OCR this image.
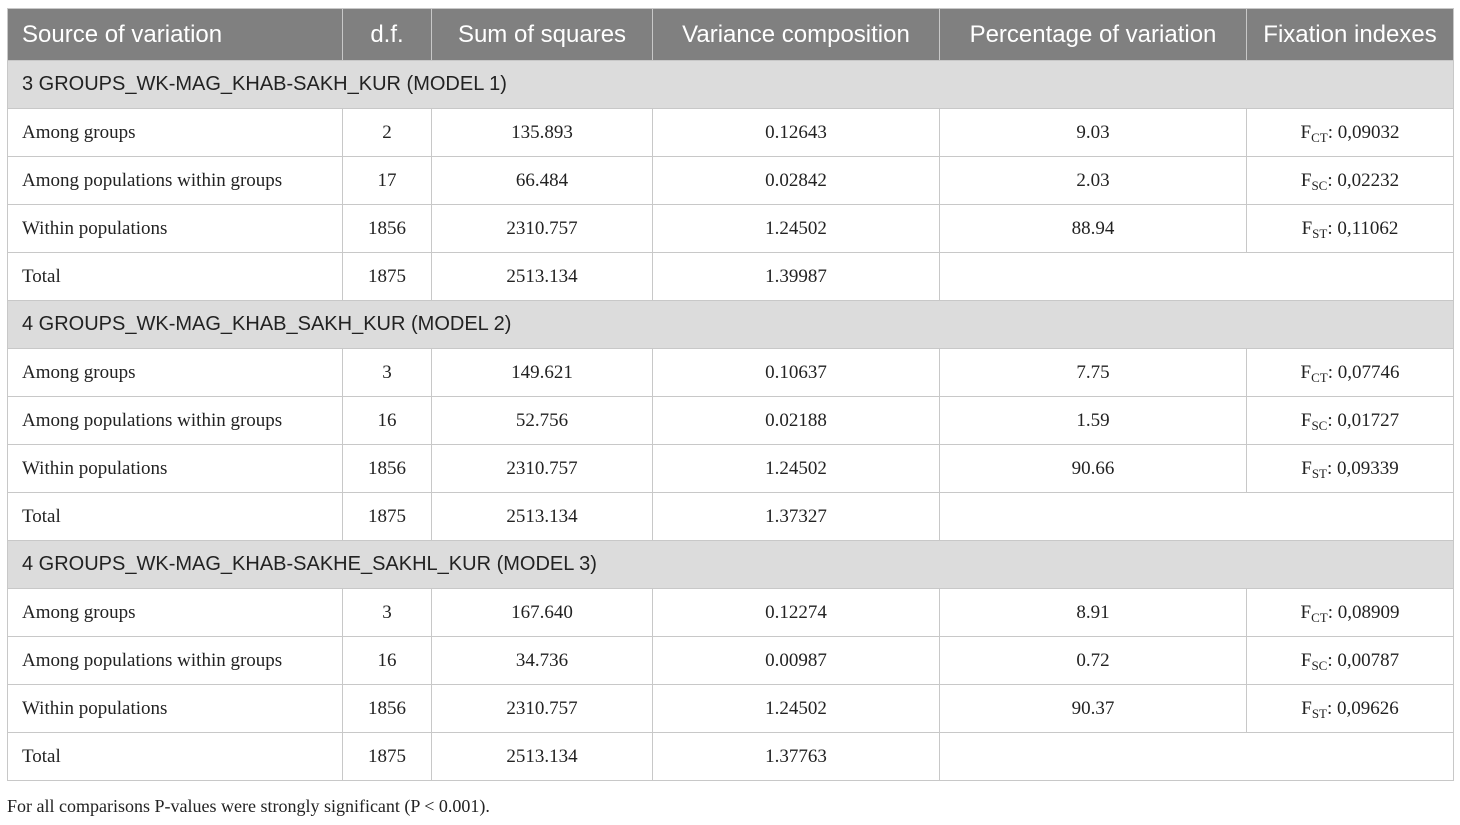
Source of variation	d.f.	Sum of squares	Variance composition	Percentage of variation	Fixation indexes
3 GROUPS_WK-MAG_KHAB-SAKH_KUR (MODEL 1)					
Among groups	2	135.893	0.12643	9.03	$F_{CT}$: 0,09032
Among populations within groups	17	66.484	0.02842	2.03	$F_{SC}$: 0,02232
Within populations	1856	2310.757	1.24502	88.94	$F_{ST}$: 0,11062
Total	1875	2513.134	1.39987		
4 GROUPS_WK-MAG_KHAB_SAKH_KUR (MODEL 2)					
Among groups	3	149.621	0.10637	7.75	$F_{CT}$: 0,07746
Among populations within groups	16	52.756	0.02188	1.59	$F_{SC}$: 0,01727
Within populations	1856	2310.757	1.24502	90.66	$F_{ST}$: 0,09339
Total	1875	2513.134	1.37327		
4 GROUPS_WK-MAG_KHAB-SAKHE_SAKHL_KUR (MODEL 3)					
Among groups	3	167.640	0.12274	8.91	$F_{CT}$: 0,08909
Among populations within groups	16	34.736	0.00987	0.72	$F_{SC}$: 0,00787
Within populations	1856	2310.757	1.24502	90.37	$F_{ST}$: 0,09626
Total	1875	2513.134	1.37763		
For all comparisons P-values were strongly significant (P < 0.001).
